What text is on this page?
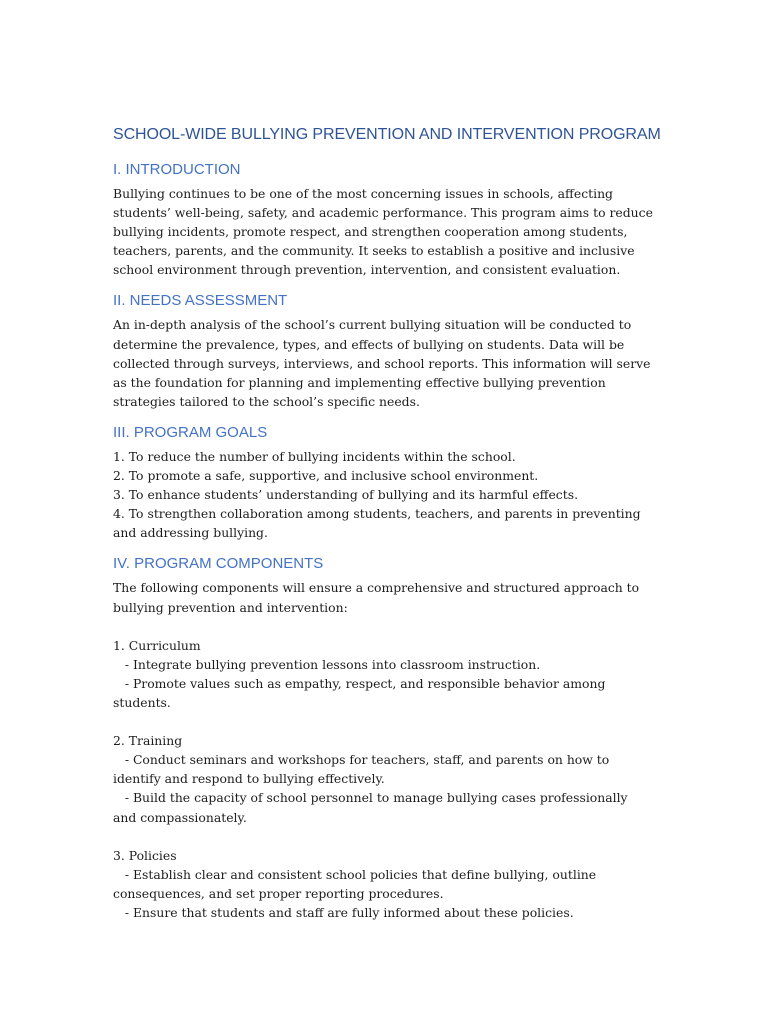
SCHOOL-WIDE BULLYING PREVENTION AND INTERVENTION PROGRAM
I. INTRODUCTION

Bullying continues to be one of the most concerning issues in schools, affecting students’ well-being, safety, and academic performance. This program aims to reduce bullying incidents, promote respect, and strengthen cooperation among students, teachers, parents, and the community. It seeks to establish a positive and inclusive school environment through prevention, intervention, and consistent evaluation.

II. NEEDS ASSESSMENT

An in-depth analysis of the school’s current bullying situation will be conducted to determine the prevalence, types, and effects of bullying on students. Data will be collected through surveys, interviews, and school reports. This information will serve as the foundation for planning and implementing effective bullying prevention strategies tailored to the school’s specific needs.

III. PROGRAM GOALS
1. To reduce the number of bullying incidents within the school.
2. To promote a safe, supportive, and inclusive school environment.
3. To enhance students’ understanding of bullying and its harmful effects.
4. To strengthen collaboration among students, teachers, and parents in preventing and addressing bullying.
IV. PROGRAM COMPONENTS
The following components will ensure a comprehensive and structured approach to bullying prevention and intervention:
1. Curriculum
- Integrate bullying prevention lessons into classroom instruction.
- Promote values such as empathy, respect, and responsible behavior among students.
2. Training
- Conduct seminars and workshops for teachers, staff, and parents on how to identify and respond to bullying effectively.
- Build the capacity of school personnel to manage bullying cases professionally and compassionately.
3. Policies
- Establish clear and consistent school policies that define bullying, outline consequences, and set proper reporting procedures.
- Ensure that students and staff are fully informed about these policies.
